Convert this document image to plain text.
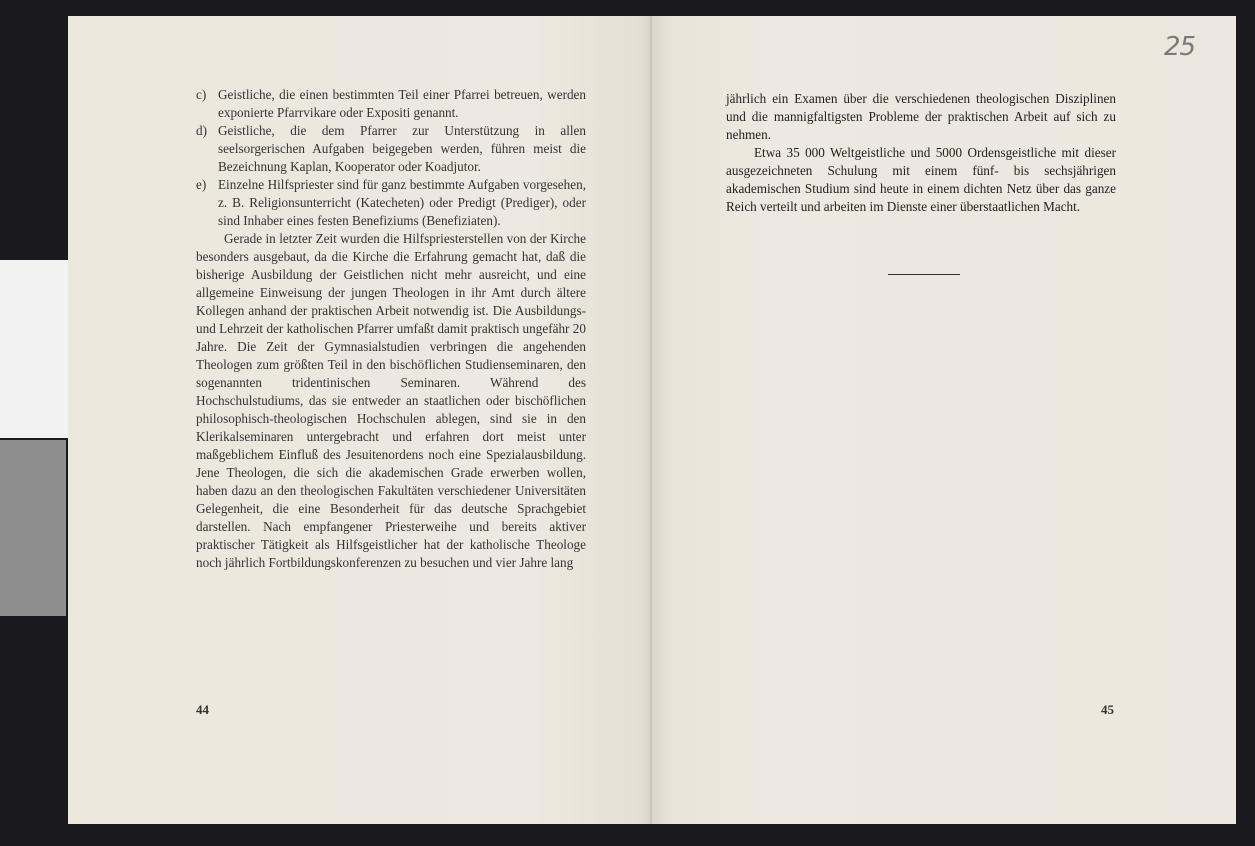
c) Geistliche, die einen bestimmten Teil einer Pfarrei betreuen, werden exponierte Pfarrvikare oder Expositi genannt.
d) Geistliche, die dem Pfarrer zur Unterstützung in allen seelsorgerischen Aufgaben beigegeben werden, führen meist die Bezeichnung Kaplan, Kooperator oder Koadjutor.
e) Einzelne Hilfspriester sind für ganz bestimmte Aufgaben vorgesehen, z. B. Religionsunterricht (Katecheten) oder Predigt (Prediger), oder sind Inhaber eines festen Benefiziums (Benefiziaten).

Gerade in letzter Zeit wurden die Hilfspriesterstellen von der Kirche besonders ausgebaut, da die Kirche die Erfahrung gemacht hat, daß die bisherige Ausbildung der Geistlichen nicht mehr ausreicht, und eine allgemeine Einweisung der jungen Theologen in ihr Amt durch ältere Kollegen anhand der praktischen Arbeit notwendig ist. Die Ausbildungs- und Lehrzeit der katholischen Pfarrer umfaßt damit praktisch ungefähr 20 Jahre. Die Zeit der Gymnasialstudien verbringen die angehenden Theologen zum größten Teil in den bischöflichen Studienseminaren, den sogenannten tridentinischen Seminaren. Während des Hochschulstudiums, das sie entweder an staatlichen oder bischöflichen philosophisch-theologischen Hochschulen ablegen, sind sie in den Klerikalseminaren untergebracht und erfahren dort meist unter maßgeblichem Einfluß des Jesuitenordens noch eine Spezialausbildung. Jene Theologen, die sich die akademischen Grade erwerben wollen, haben dazu an den theologischen Fakultäten verschiedener Universitäten Gelegenheit, die eine Besonderheit für das deutsche Sprachgebiet darstellen. Nach empfangener Priesterweihe und bereits aktiver praktischer Tätigkeit als Hilfsgeistlicher hat der katholische Theologe noch jährlich Fortbildungskonferenzen zu besuchen und vier Jahre lang

44
25

jährlich ein Examen über die verschiedenen theologischen Disziplinen und die mannigfaltigsten Probleme der praktischen Arbeit auf sich zu nehmen.

Etwa 35 000 Weltgeistliche und 5000 Ordensgeistliche mit dieser ausgezeichneten Schulung mit einem fünf- bis sechsjährigen akademischen Studium sind heute in einem dichten Netz über das ganze Reich verteilt und arbeiten im Dienste einer überstaatlichen Macht.

45
